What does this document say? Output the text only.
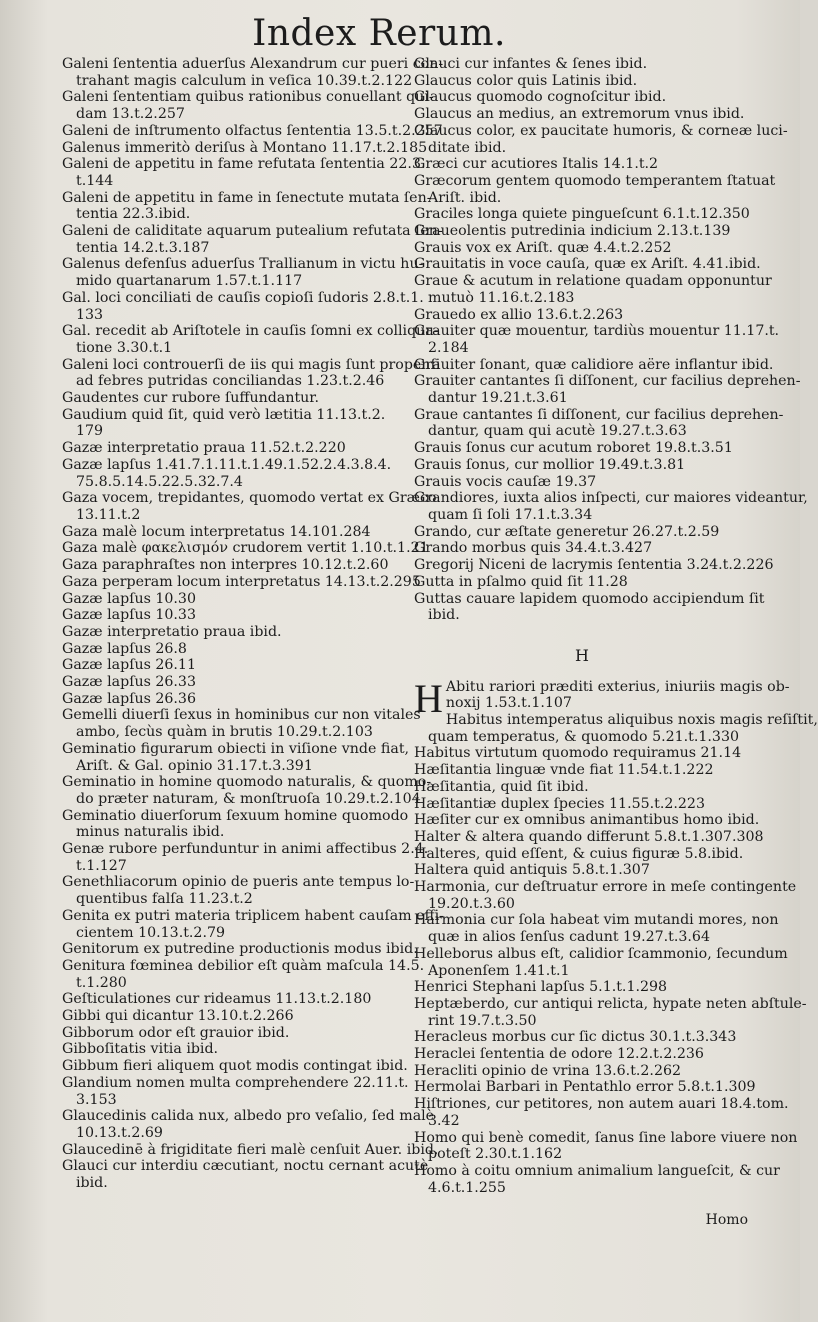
Index Rerum.
Galeni ſententia aduerſus Alexandrum cur pueri con-
trahant magis calculum in veſica 10.39.t.2.122
Galeni ſententiam quibus rationibus conuellant qui-
dam 13.t.2.257
Galeni de inſtrumento olfactus ſententia 13.5.t.2.257
Galenus immeritò deriſus à Montano 11.17.t.2.185
Galeni de appetitu in fame refutata ſententia 22.3.
t.144
Galeni de appetitu in fame in ſenectute mutata ſen-
tentia 22.3.ibid.
Galeni de caliditate aquarum putealium refutata ſen-
tentia 14.2.t.3.187
Galenus defenſus aduerſus Trallianum in victu hu-
mido quartanarum 1.57.t.1.117
Gal. loci conciliati de cauſis copioſi ſudoris 2.8.t.1.
133
Gal. recedit ab Ariſtotele in cauſis ſomni ex colliqua-
tione 3.30.t.1
Galeni loci controuerſi de iis qui magis ſunt propenſi
ad febres putridas conciliandas 1.23.t.2.46
Gaudentes cur rubore ſuffundantur.
Gaudium quid ſit, quid verò lætitia 11.13.t.2.
179
Gazæ interpretatio praua 11.52.t.2.220
Gazæ lapſus 1.41.7.1.11.t.1.49.1.52.2.4.3.8.4.
75.8.5.14.5.22.5.32.7.4
Gaza vocem, trepidantes, quomodo vertat ex Græco
13.11.t.2
Gaza malè locum interpretatus 14.101.284
Gaza malè φακελισμόν crudorem vertit 1.10.t.1.21
Gaza paraphraſtes non interpres 10.12.t.2.60
Gaza perperam locum interpretatus 14.13.t.2.295
Gazæ lapſus 10.30
Gazæ lapſus 10.33
Gazæ interpretatio praua ibid.
Gazæ lapſus 26.8
Gazæ lapſus 26.11
Gazæ lapſus 26.33
Gazæ lapſus 26.36
Gemelli diuerſi ſexus in hominibus cur non vitales
ambo, ſecùs quàm in brutis 10.29.t.2.103
Geminatio figurarum obiecti in viſione vnde fiat,
Ariſt. & Gal. opinio 31.17.t.3.391
Geminatio in homine quomodo naturalis, & quomo-
do præter naturam, & monſtruoſa 10.29.t.2.104
Geminatio diuerſorum ſexuum homine quomodo
minus naturalis ibid.
Genæ rubore perfunduntur in animi affectibus 2.4.
t.1.127
Genethliacorum opinio de pueris ante tempus lo-
quentibus falſa 11.23.t.2
Genita ex putri materia triplicem habent cauſam effi-
cientem 10.13.t.2.79
Genitorum ex putredine productionis modus ibid.
Genitura fœminea debilior eſt quàm maſcula 14.5.
t.1.280
Geſticulationes cur rideamus 11.13.t.2.180
Gibbi qui dicantur 13.10.t.2.266
Gibborum odor eſt grauior ibid.
Gibboſitatis vitia ibid.
Gibbum fieri aliquem quot modis contingat ibid.
Glandium nomen multa comprehendere 22.11.t.
3.153
Glaucedinis calida nux, albedo pro veſalio, ſed malè
10.13.t.2.69
Glaucedinē à frigiditate fieri malè cenſuit Auer. ibid.
Glauci cur interdiu cæcutiant, noctu cernant acutè
ibid.
Glauci cur infantes & ſenes ibid.
Glaucus color quis Latinis ibid.
Glaucus quomodo cognoſcitur ibid.
Glaucus an medius, an extremorum vnus ibid.
Glaucus color, ex paucitate humoris, & corneæ luci-
ditate ibid.
Græci cur acutiores Italis 14.1.t.2
Græcorum gentem quomodo temperantem ſtatuat
Ariſt. ibid.
Graciles longa quiete pingueſcunt 6.1.t.12.350
Graueolentis putredinia indicium 2.13.t.139
Grauis vox ex Ariſt. quæ 4.4.t.2.252
Grauitatis in voce cauſa, quæ ex Ariſt. 4.41.ibid.
Graue & acutum in relatione quadam opponuntur
mutuò 11.16.t.2.183
Grauedo ex allio 13.6.t.2.263
Grauiter quæ mouentur, tardiùs mouentur 11.17.t.
2.184
Grauiter ſonant, quæ calidiore aëre inflantur ibid.
Grauiter cantantes ſi diſſonent, cur facilius deprehen-
dantur 19.21.t.3.61
Graue cantantes ſi diſſonent, cur facilius deprehen-
dantur, quam qui acutè 19.27.t.3.63
Grauis ſonus cur acutum roboret 19.8.t.3.51
Grauis ſonus, cur mollior 19.49.t.3.81
Grauis vocis cauſæ 19.37
Grandiores, iuxta alios inſpecti, cur maiores videantur,
quam ſi ſoli 17.1.t.3.34
Grando, cur æſtate generetur 26.27.t.2.59
Grando morbus quis 34.4.t.3.427
Gregorij Niceni de lacrymis ſententia 3.24.t.2.226
Gutta in pſalmo quid ſit 11.28
Guttas cauare lapidem quomodo accipiendum ſit
ibid.
H
H Abitu rariori præditi exterius, iniuriis magis ob-
noxij 1.53.t.1.107
Habitus intemperatus aliquibus noxis magis reſiſtit,
quam temperatus, & quomodo 5.21.t.1.330
Habitus virtutum quomodo requiramus 21.14
Hæſitantia linguæ vnde fiat 11.54.t.1.222
Hæſitantia, quid ſit ibid.
Hæſitantiæ duplex ſpecies 11.55.t.2.223
Hæſiter cur ex omnibus animantibus homo ibid.
Halter & altera quando differunt 5.8.t.1.307.308
Halteres, quid eſſent, & cuius figuræ 5.8.ibid.
Haltera quid antiquis 5.8.t.1.307
Harmonia, cur deſtruatur errore in meſe contingente
19.20.t.3.60
Harmonia cur ſola habeat vim mutandi mores, non
quæ in alios ſenſus cadunt 19.27.t.3.64
Helleborus albus eſt, calidior ſcammonio, ſecundum
Aponenſem 1.41.t.1
Henrici Stephani lapſus 5.1.t.1.298
Heptæberdo, cur antiqui relicta, hypate neten abſtule-
rint 19.7.t.3.50
Heracleus morbus cur ſic dictus 30.1.t.3.343
Heraclei ſententia de odore 12.2.t.2.236
Heracliti opinio de vrina 13.6.t.2.262
Hermolai Barbari in Pentathlo error 5.8.t.1.309
Hiſtriones, cur petitores, non autem auari 18.4.tom.
3.42
Homo qui benè comedit, ſanus ſine labore viuere non
poteſt 2.30.t.1.162
Homo à coitu omnium animalium langueſcit, & cur
4.6.t.1.255
Homo
